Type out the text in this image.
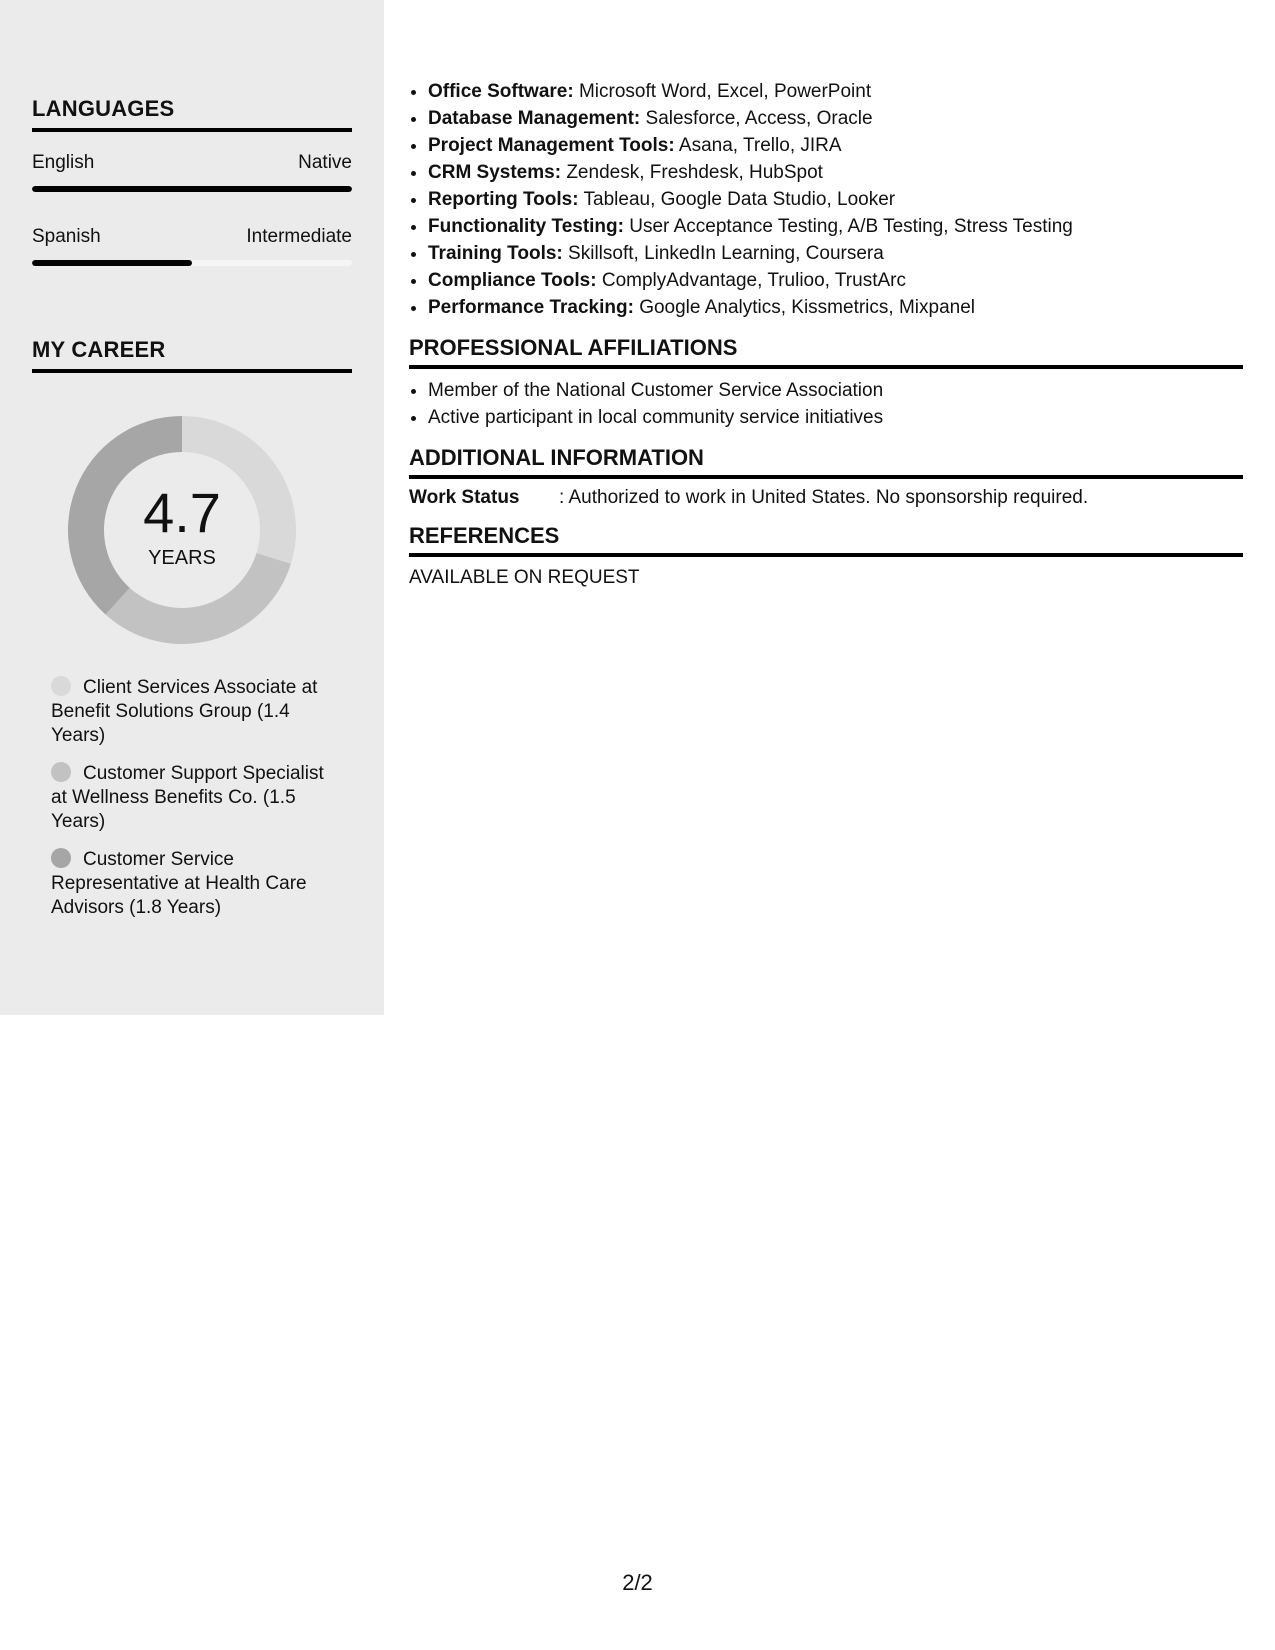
LANGUAGES
English	Native
Spanish	Intermediate
MY CAREER
4.7
YEARS
Client Services Associate at Benefit Solutions Group (1.4 Years)
Customer Support Specialist at Wellness Benefits Co. (1.5 Years)
Customer Service Representative at Health Care Advisors (1.8 Years)
• Office Software: Microsoft Word, Excel, PowerPoint
• Database Management: Salesforce, Access, Oracle
• Project Management Tools: Asana, Trello, JIRA
• CRM Systems: Zendesk, Freshdesk, HubSpot
• Reporting Tools: Tableau, Google Data Studio, Looker
• Functionality Testing: User Acceptance Testing, A/B Testing, Stress Testing
• Training Tools: Skillsoft, LinkedIn Learning, Coursera
• Compliance Tools: ComplyAdvantage, Trulioo, TrustArc
• Performance Tracking: Google Analytics, Kissmetrics, Mixpanel
PROFESSIONAL AFFILIATIONS
• Member of the National Customer Service Association
• Active participant in local community service initiatives
ADDITIONAL INFORMATION
Work Status	: Authorized to work in United States. No sponsorship required.
REFERENCES
AVAILABLE ON REQUEST
2/2
